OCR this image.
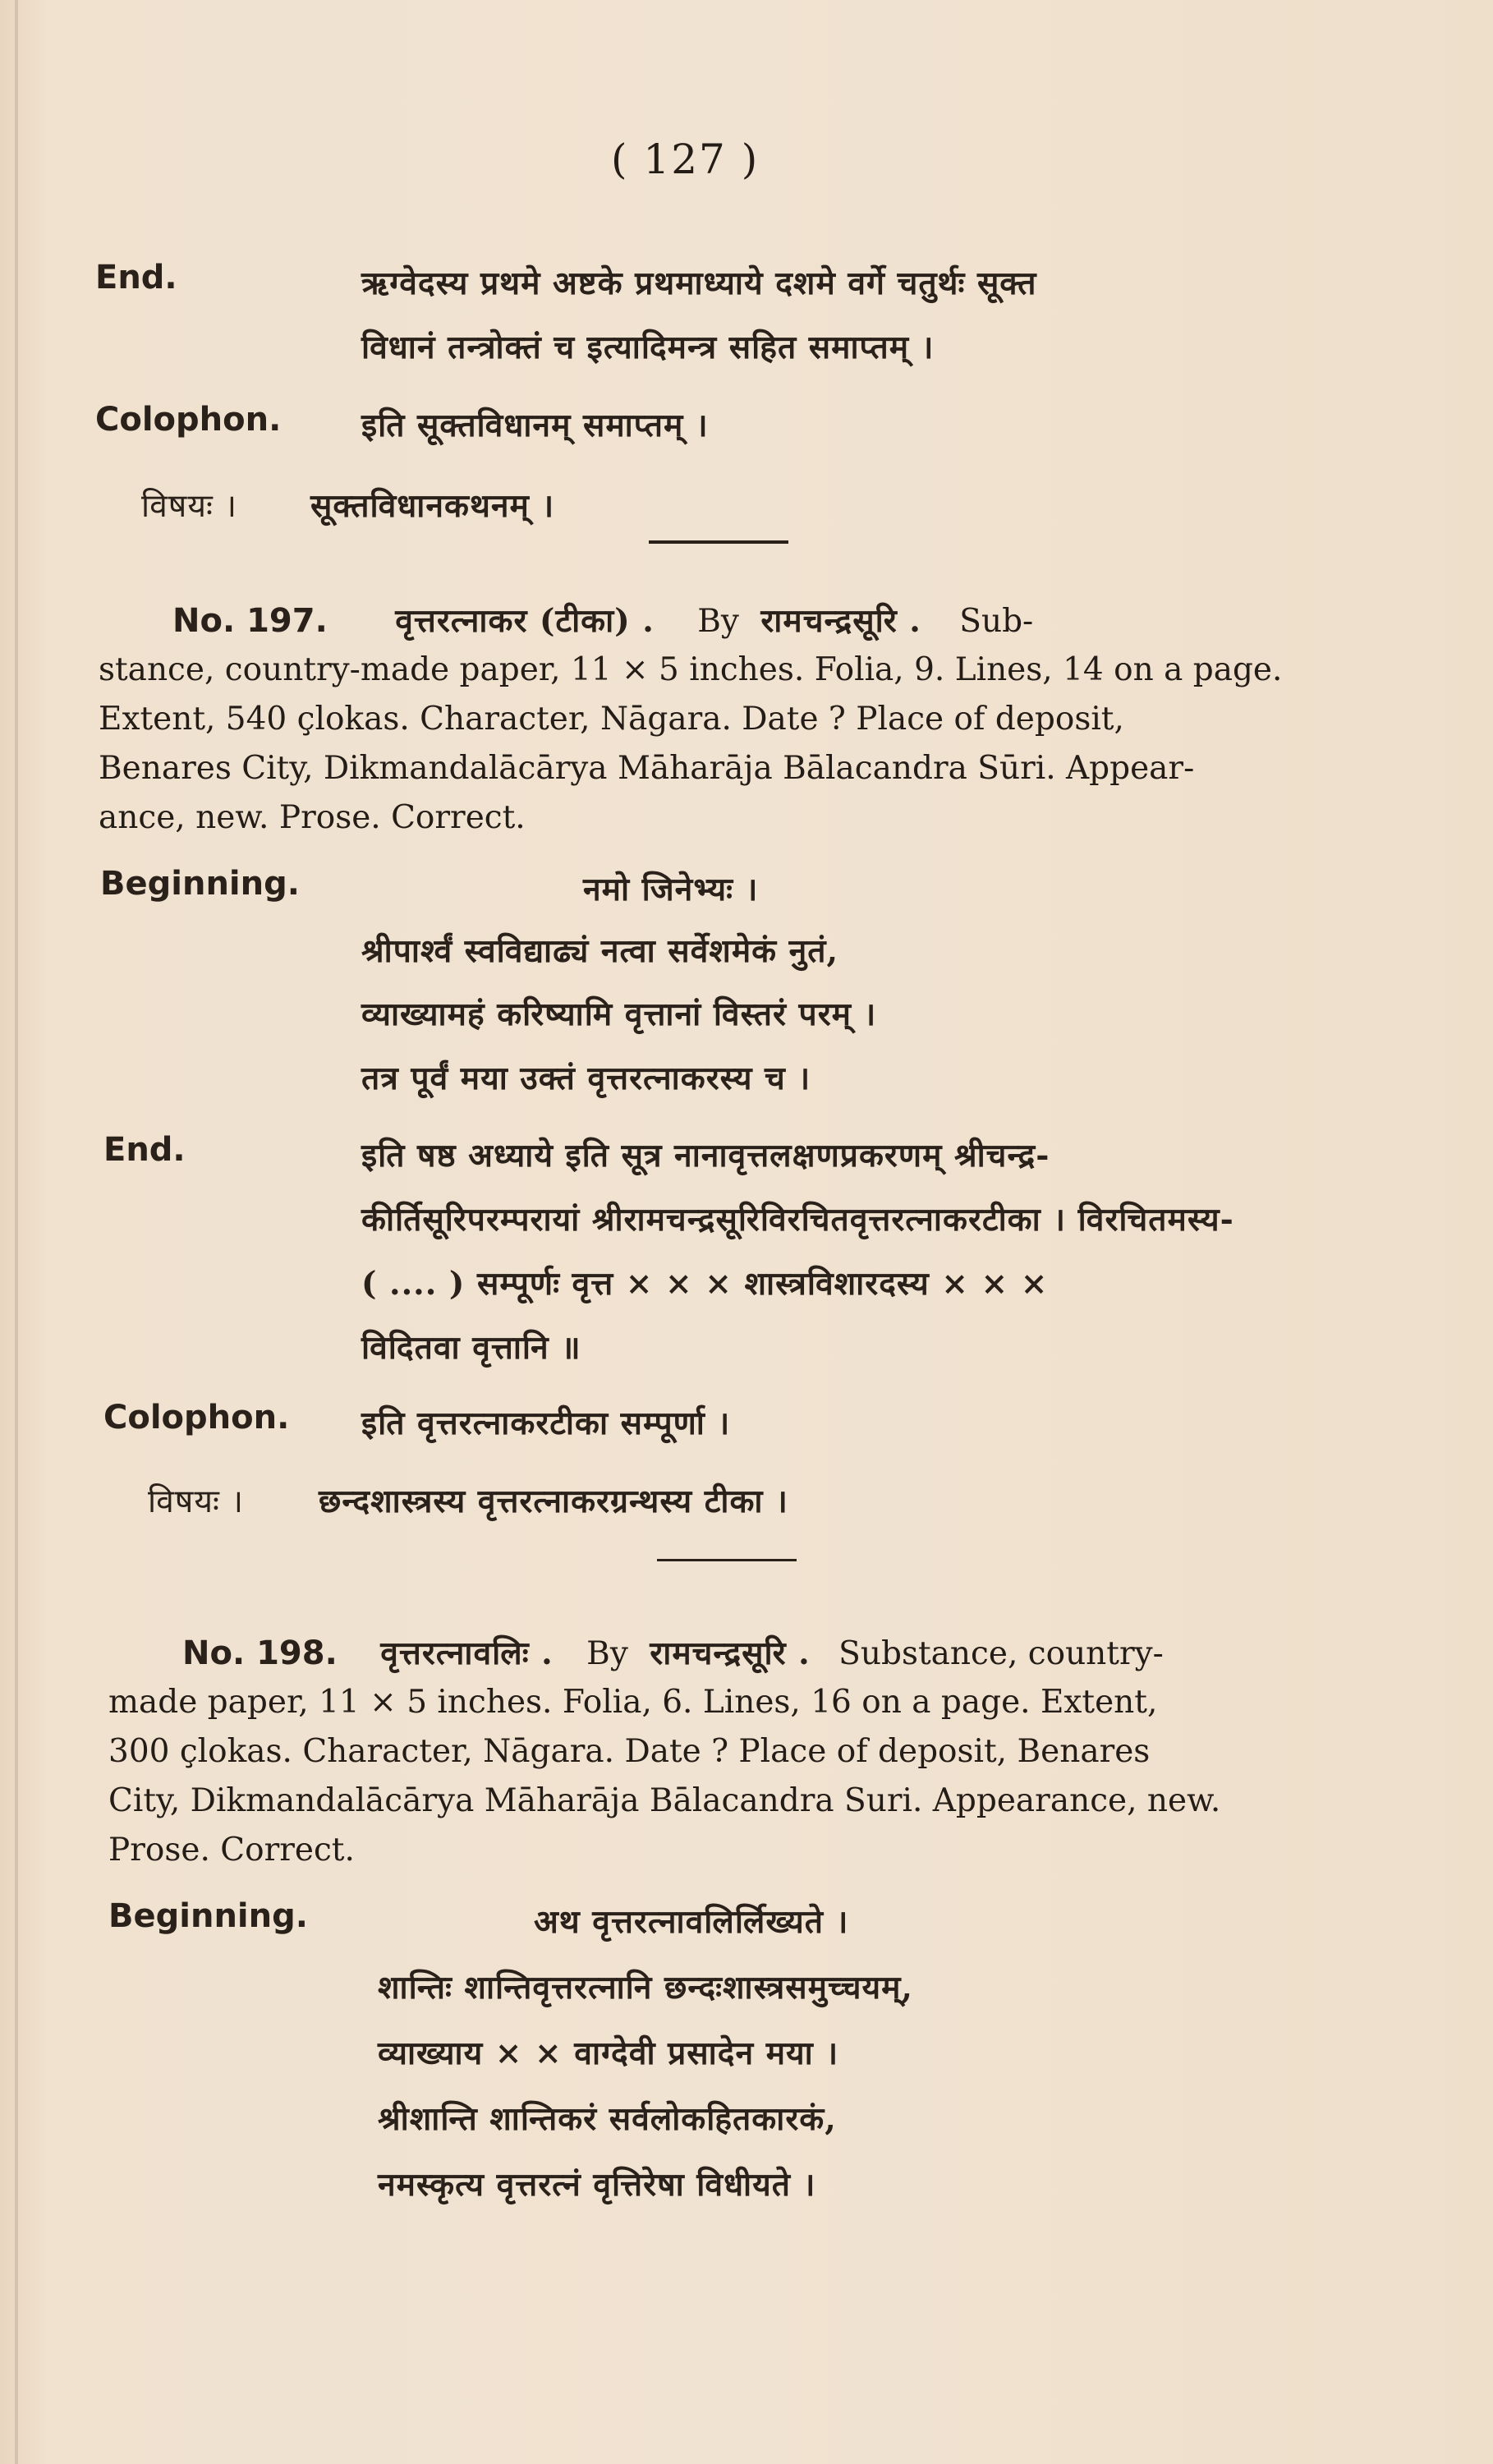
( 127 )
End.	ऋग्वेदस्य प्रथमे अष्टके प्रथमाध्याये दशमे वर्गे चतुर्थः सूक्त
विधानं तन्त्रोक्तं च इत्यादिमन्त्र सहित समाप्तम् ।
Colophon.	इति सूक्तविधानम् समाप्तम् ।
विषयः । सूक्तविधानकथनम् ।
No. 197. वृत्तरत्नाकर (टीका) . By रामचन्द्रसूरि . Sub-
stance, country-made paper, 11 × 5 inches. Folia, 9. Lines, 14 on a page.
Extent, 540 çlokas. Character, Nāgara. Date ? Place of deposit,
Benares City, Dikmandalācārya Māharāja Bālacandra Sūri. Appear-
ance, new. Prose. Correct.
Beginning.	नमो जिनेभ्यः ।
श्रीपार्श्वं स्वविद्याढ्यं नत्वा सर्वेशमेकं नुतं,
व्याख्यामहं करिष्यामि वृत्तानां विस्तरं परम् ।
तत्र पूर्वं मया उक्तं वृत्तरत्नाकरस्य च ।
End.	इति षष्ठ अध्याये इति सूत्र नानावृत्तलक्षणप्रकरणम् श्रीचन्द्र-
कीर्तिसूरिपरम्परायां श्रीरामचन्द्रसूरिविरचितवृत्तरत्नाकरटीका । विरचितमस्य-
( .... ) सम्पूर्णः वृत्त × × × शास्त्रविशारदस्य × × ×
विदितवा वृत्तानि ॥
Colophon. इति वृत्तरत्नाकरटीका सम्पूर्णा ।
विषयः । छन्दशास्त्रस्य वृत्तरत्नाकरग्रन्थस्य टीका ।
No. 198. वृत्तरत्नावलिः . By रामचन्द्रसूरि . Substance, country-
made paper, 11 × 5 inches. Folia, 6. Lines, 16 on a page. Extent,
300 çlokas. Character, Nāgara. Date ? Place of deposit, Benares
City, Dikmandalācārya Māharāja Bālacandra Suri. Appearance, new.
Prose. Correct.
Beginning.	अथ वृत्तरत्नावलिर्लिख्यते ।
शान्तिः शान्तिवृत्तरत्नानि छन्दःशास्त्रसमुच्चयम्,
व्याख्याय × × वाग्देवी प्रसादेन मया ।
श्रीशान्ति शान्तिकरं सर्वलोकहितकारकं,
नमस्कृत्य वृत्तरत्नं वृत्तिरेषा विधीयते ।
